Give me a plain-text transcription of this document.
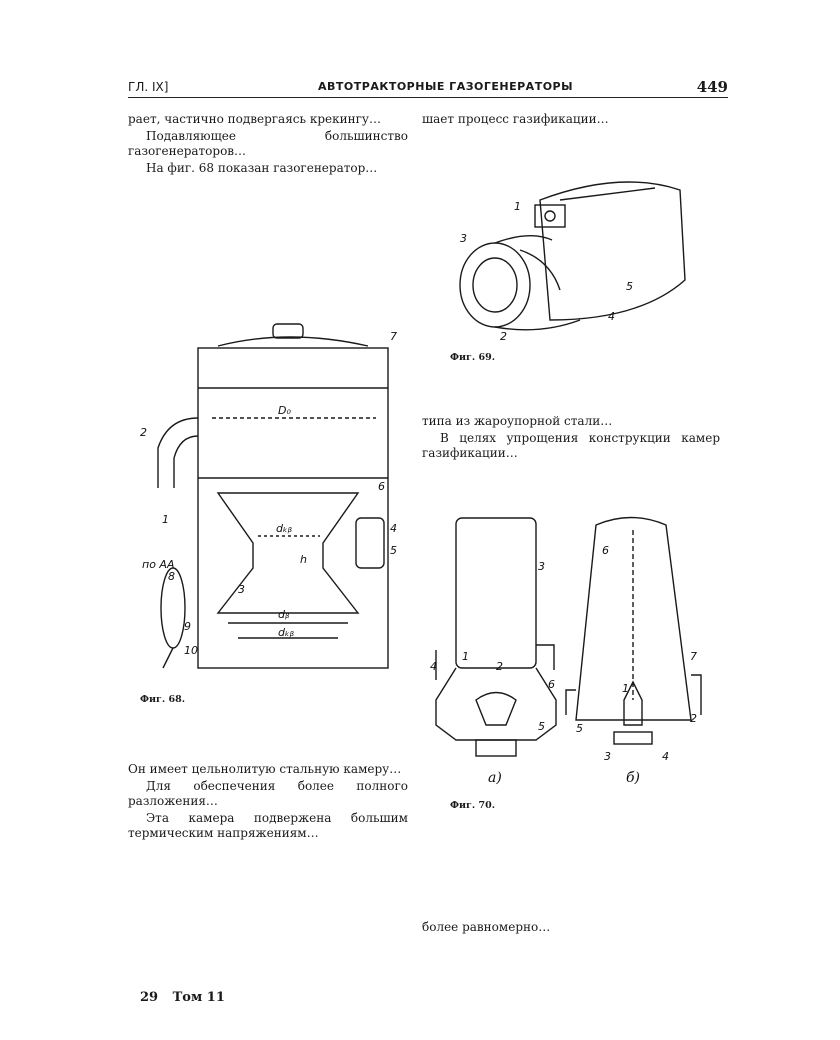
ГЛ. IX]	АВТОТРАКТОРНЫЕ ГАЗОГЕНЕРАТОРЫ	449

рает, частично подвергаясь крекингу…

Подавляющее большинство газогенераторов…

На фиг. 68 показан газогенератор…

7
2
1
3
4
5
6
8
9
10
D₀
dₖᵦ
dᵦ
dₖᵦ
h
по АА
Фиг. 68.

Он имеет цельнолитую стальную камеру…

Для обеспечения более полного разложения…

Эта камера подвержена большим термическим напряжениям…

шает процесс газификации…

1
3
5
4
2
Фиг. 69.

типа из жароупорной стали…

В целях упрощения конструкции камер газификации…

3
1
2
4
6
5
6
7
1
2
5
3	4
а)	б)
Фиг. 70.

более равномерно…

29 Том 11
